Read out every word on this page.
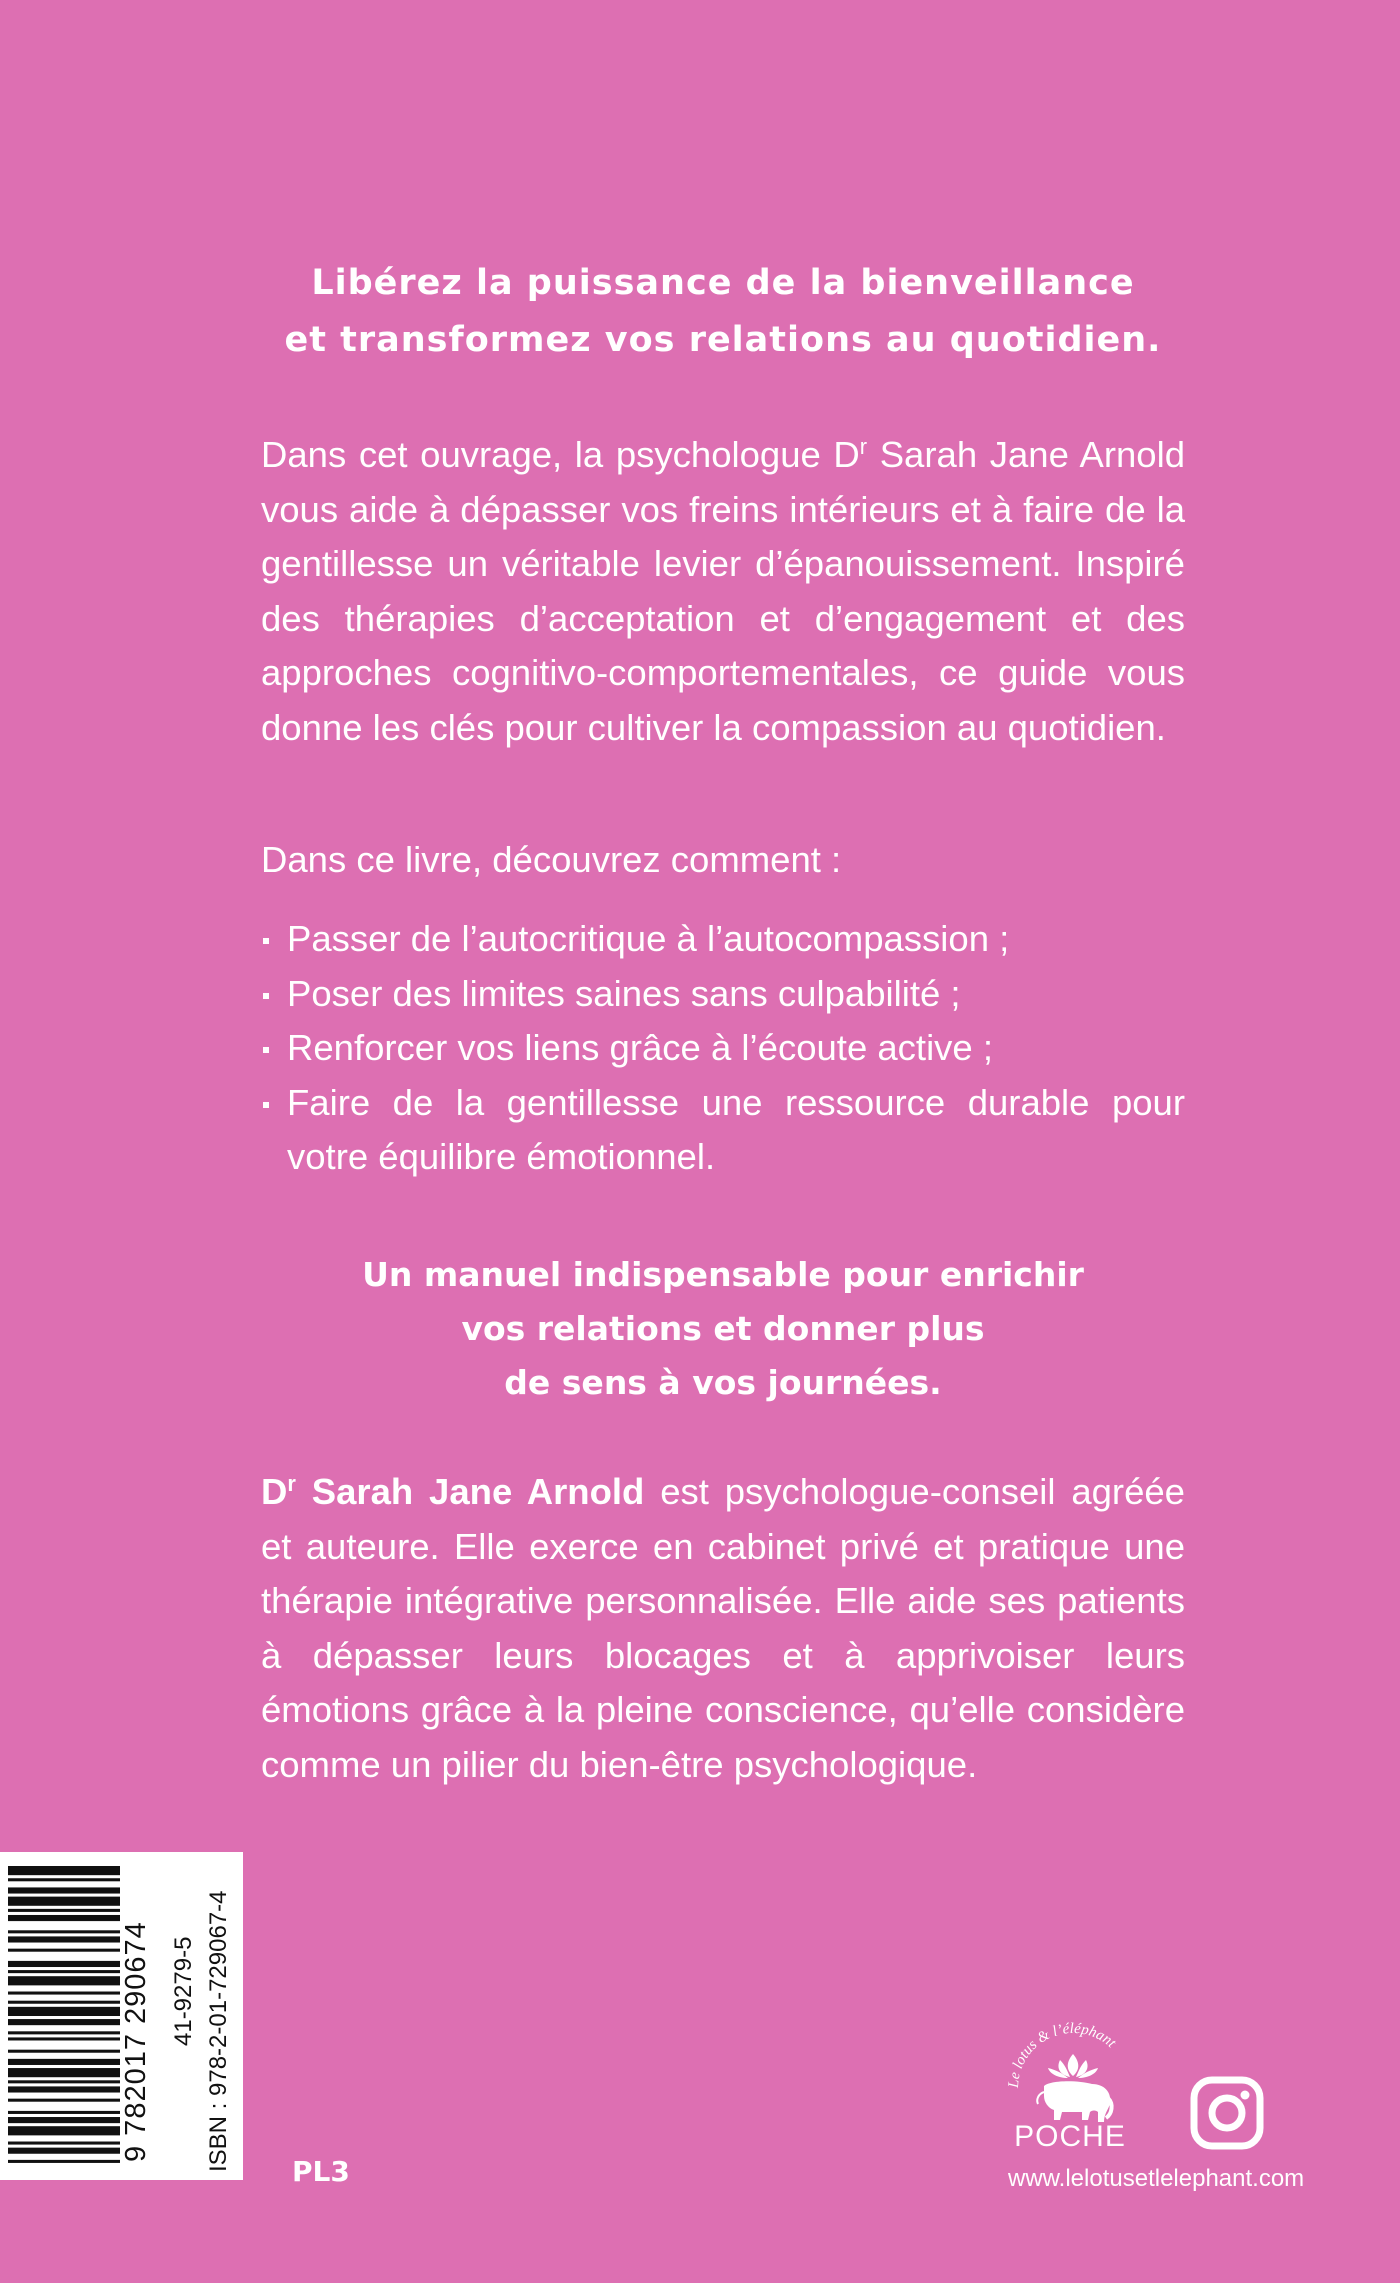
Libérez la puissance de la bienveillance
et transformez vos relations au quotidien.

Dans cet ouvrage, la psychologue $D^r$ Sarah Jane Arnold vous aide à dépasser vos freins intérieurs et à faire de la gentillesse un véritable levier d’épanouissement. Inspiré des thérapies d’acceptation et d’engagement et des approches cognitivo-comportementales, ce guide vous donne les clés pour cultiver la compassion au quotidien.

Dans ce livre, découvrez comment :

Passer de l’autocritique à l’autocompassion ;
Poser des limites saines sans culpabilité ;
Renforcer vos liens grâce à l’écoute active ;
Faire de la gentillesse une ressource durable pour votre équilibre émotionnel.
Un manuel indispensable pour enrichir
vos relations et donner plus
de sens à vos journées.

$D^r$ Sarah Jane Arnold est psychologue-conseil agréée et auteure. Elle exerce en cabinet privé et pratique une thérapie intégrative personnalisée. Elle aide ses patients à dépasser leurs blocages et à apprivoiser leurs émotions grâce à la pleine conscience, qu’elle considère comme un pilier du bien-être psychologique.

9 782017 290674 41-9279-5 ISBN : 978-2-01-729067-4 PL3
Le lotus & l’éléphant
POCHE
www.lelotusetlelephant.com
